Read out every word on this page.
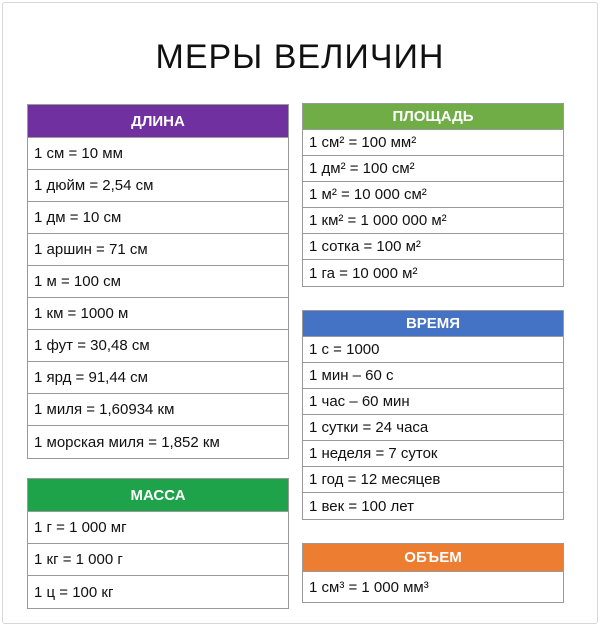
МЕРЫ ВЕЛИЧИН
ДЛИНА
1 см = 10 мм
1 дюйм = 2,54 см
1 дм = 10 см
1 аршин = 71 см
1 м = 100 см
1 км = 1000 м
1 фут = 30,48 см
1 ярд = 91,44 см
1 миля = 1,60934 км
1 морская миля = 1,852 км
МАССА
1 г = 1 000 мг
1 кг = 1 000 г
1 ц = 100 кг
ПЛОЩАДЬ
1 см² = 100 мм²
1 дм² = 100 см²
1 м² = 10 000 см²
1 км² = 1 000 000 м²
1 сотка = 100 м²
1 га = 10 000 м²
ВРЕМЯ
1 с = 1000
1 мин – 60 с
1 час – 60 мин
1 сутки = 24 часа
1 неделя = 7 суток
1 год = 12 месяцев
1 век = 100 лет
ОБЪЕМ
1 см³ = 1 000 мм³
